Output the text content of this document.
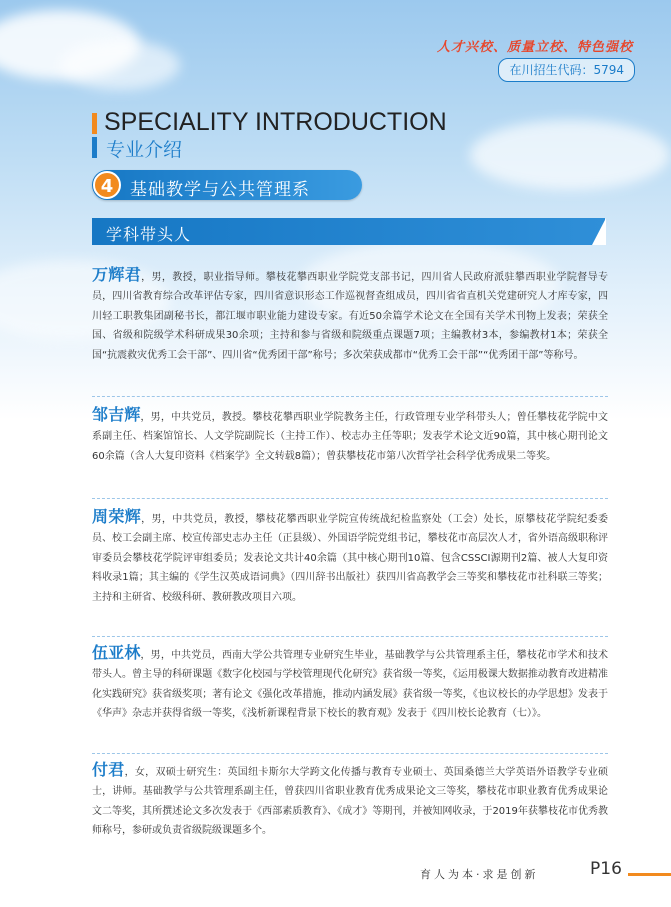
人才兴校、质量立校、特色强校
在川招生代码：5794
SPECIALITY INTRODUCTION
专业介绍
4 基础教学与公共管理系
学科带头人

万辉君，男，教授，职业指导师。攀枝花攀西职业学院党支部书记，四川省人民政府派驻攀西职业学院督导专员，四川省教育综合改革评估专家，四川省意识形态工作巡视督查组成员，四川省省直机关党建研究人才库专家，四川轻工职教集团副秘书长，都江堰市职业能力建设专家。有近50余篇学术论文在全国有关学术刊物上发表；荣获全国、省级和院级学术科研成果30余项；主持和参与省级和院级重点课题7项；主编教材3本，参编教材1本；荣获全国“抗震救灾优秀工会干部”、四川省“优秀团干部”称号；多次荣获成都市“优秀工会干部”“优秀团干部”等称号。

邹吉辉，男，中共党员，教授。攀枝花攀西职业学院教务主任，行政管理专业学科带头人；曾任攀枝花学院中文系副主任、档案馆馆长、人文学院副院长（主持工作）、校志办主任等职；发表学术论文近90篇，其中核心期刊论文60余篇（含人大复印资料《档案学》全文转载8篇）；曾获攀枝花市第八次哲学社会科学优秀成果二等奖。

周荣辉，男，中共党员，教授，攀枝花攀西职业学院宣传统战纪检监察处（工会）处长，原攀枝花学院纪委委员、校工会副主席、校宣传部史志办主任（正县级）、外国语学院党组书记，攀枝花市高层次人才，省外语高级职称评审委员会攀枝花学院评审组委员；发表论文共计40余篇（其中核心期刊10篇、包含CSSCI源期刊2篇、被人大复印资料收录1篇；其主编的《学生汉英成语词典》（四川辞书出版社）获四川省高教学会三等奖和攀枝花市社科联三等奖；主持和主研省、校级科研、教研教改项目六项。

伍亚林，男，中共党员，西南大学公共管理专业研究生毕业，基础教学与公共管理系主任，攀枝花市学术和技术带头人。曾主导的科研课题《数字化校园与学校管理现代化研究》获省级一等奖，《运用极课大数据推动教育改进精准化实践研究》获省级奖项；著有论文《强化改革措施，推动内涵发展》获省级一等奖，《也议校长的办学思想》发表于《华声》杂志并获得省级一等奖，《浅析新课程背景下校长的教育观》发表于《四川校长论教育（七）》。

付君，女，双硕士研究生：英国纽卡斯尔大学跨文化传播与教育专业硕士、英国桑德兰大学英语外语教学专业硕士，讲师。基础教学与公共管理系副主任，曾获四川省职业教育优秀成果论文三等奖，攀枝花市职业教育优秀成果论文二等奖，其所撰述论文多次发表于《西部素质教育》、《成才》等期刊，并被知网收录，于2019年获攀枝花市优秀教师称号，参研或负责省级院级课题多个。

育人为本·求是创新	P16
